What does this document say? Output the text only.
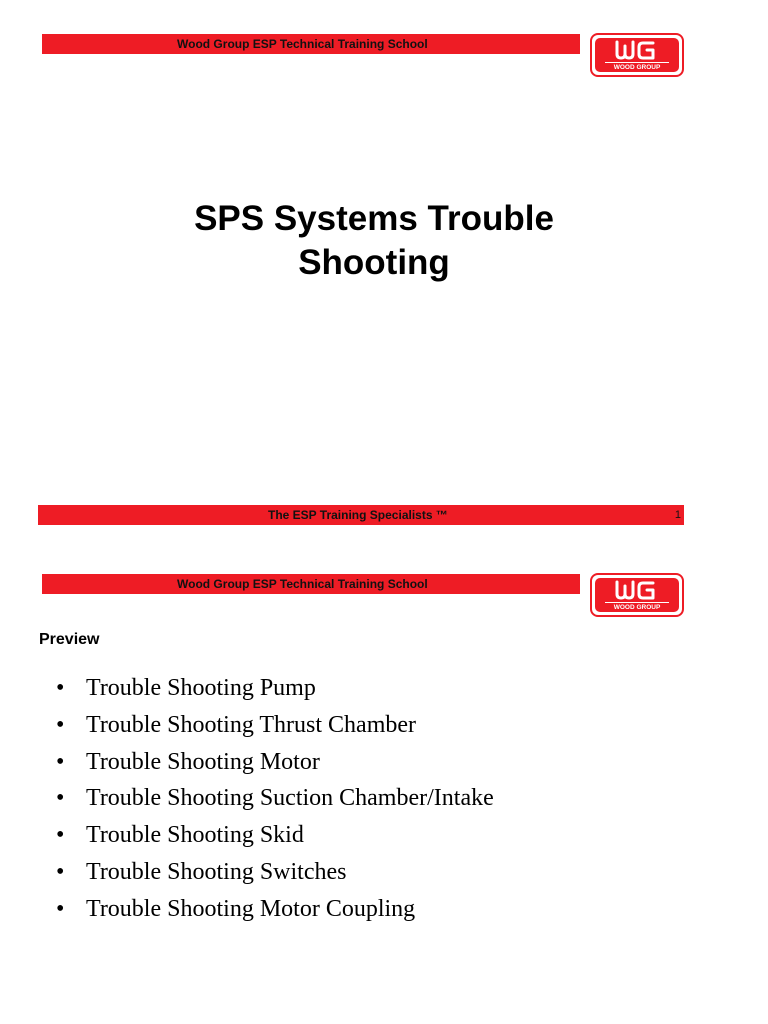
Wood Group ESP Technical Training School
WOOD GROUP
SPS Systems Trouble Shooting
The ESP Training Specialists ™	1
Wood Group ESP Technical Training School
WOOD GROUP
Preview
• Trouble Shooting Pump
• Trouble Shooting Thrust Chamber
• Trouble Shooting Motor
• Trouble Shooting Suction Chamber/Intake
• Trouble Shooting Skid
• Trouble Shooting Switches
• Trouble Shooting Motor Coupling
